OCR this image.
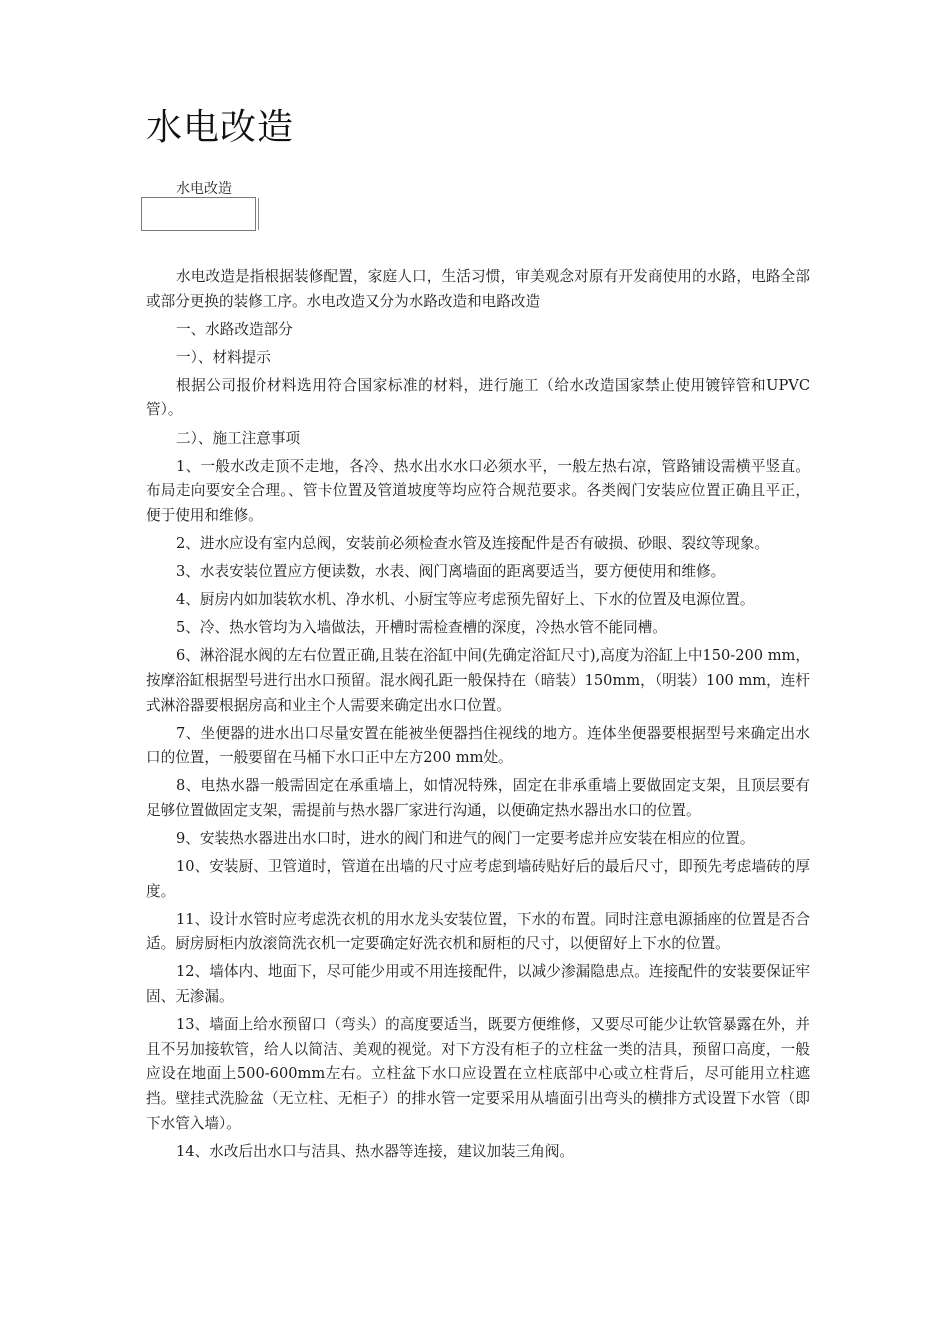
水电改造
水电改造

水电改造是指根据装修配置，家庭人口，生活习惯，审美观念对原有开发商使用的水路，电路全部或部分更换的装修工序。水电改造又分为水路改造和电路改造

一、水路改造部分

一）、材料提示

根据公司报价材料选用符合国家标准的材料，进行施工（给水改造国家禁止使用镀锌管和UPVC管）。

二）、施工注意事项

1、一般水改走顶不走地，各冷、热水出水水口必须水平，一般左热右凉，管路铺设需横平竖直。布局走向要安全合理。、管卡位置及管道坡度等均应符合规范要求。各类阀门安装应位置正确且平正，便于使用和维修。

2、进水应设有室内总阀，安装前必须检查水管及连接配件是否有破损、砂眼、裂纹等现象。

3、水表安装位置应方便读数，水表、阀门离墙面的距离要适当，要方便使用和维修。

4、厨房内如加装软水机、净水机、小厨宝等应考虑预先留好上、下水的位置及电源位置。

5、冷、热水管均为入墙做法，开槽时需检查槽的深度，冷热水管不能同槽。

6、淋浴混水阀的左右位置正确,且装在浴缸中间(先确定浴缸尺寸),高度为浴缸上中150-200 mm，按摩浴缸根据型号进行出水口预留。混水阀孔距一般保持在（暗装）150mm，（明装）100 mm，连杆式淋浴器要根据房高和业主个人需要来确定出水口位置。

7、坐便器的进水出口尽量安置在能被坐便器挡住视线的地方。连体坐便器要根据型号来确定出水口的位置，一般要留在马桶下水口正中左方200 mm处。

8、电热水器一般需固定在承重墙上，如情况特殊，固定在非承重墙上要做固定支架，且顶层要有足够位置做固定支架，需提前与热水器厂家进行沟通，以便确定热水器出水口的位置。

9、安装热水器进出水口时，进水的阀门和进气的阀门一定要考虑并应安装在相应的位置。

10、安装厨、卫管道时，管道在出墙的尺寸应考虑到墙砖贴好后的最后尺寸，即预先考虑墙砖的厚度。

11、设计水管时应考虑洗衣机的用水龙头安装位置，下水的布置。同时注意电源插座的位置是否合适。厨房厨柜内放滚筒洗衣机一定要确定好洗衣机和厨柜的尺寸，以便留好上下水的位置。

12、墙体内、地面下，尽可能少用或不用连接配件，以减少渗漏隐患点。连接配件的安装要保证牢固、无渗漏。

13、墙面上给水预留口（弯头）的高度要适当，既要方便维修，又要尽可能少让软管暴露在外，并且不另加接软管，给人以简洁、美观的视觉。对下方没有柜子的立柱盆一类的洁具，预留口高度，一般应设在地面上500-600mm左右。立柱盆下水口应设置在立柱底部中心或立柱背后，尽可能用立柱遮挡。壁挂式洗脸盆（无立柱、无柜子）的排水管一定要采用从墙面引出弯头的横排方式设置下水管（即下水管入墙）。

14、水改后出水口与洁具、热水器等连接，建议加装三角阀。
